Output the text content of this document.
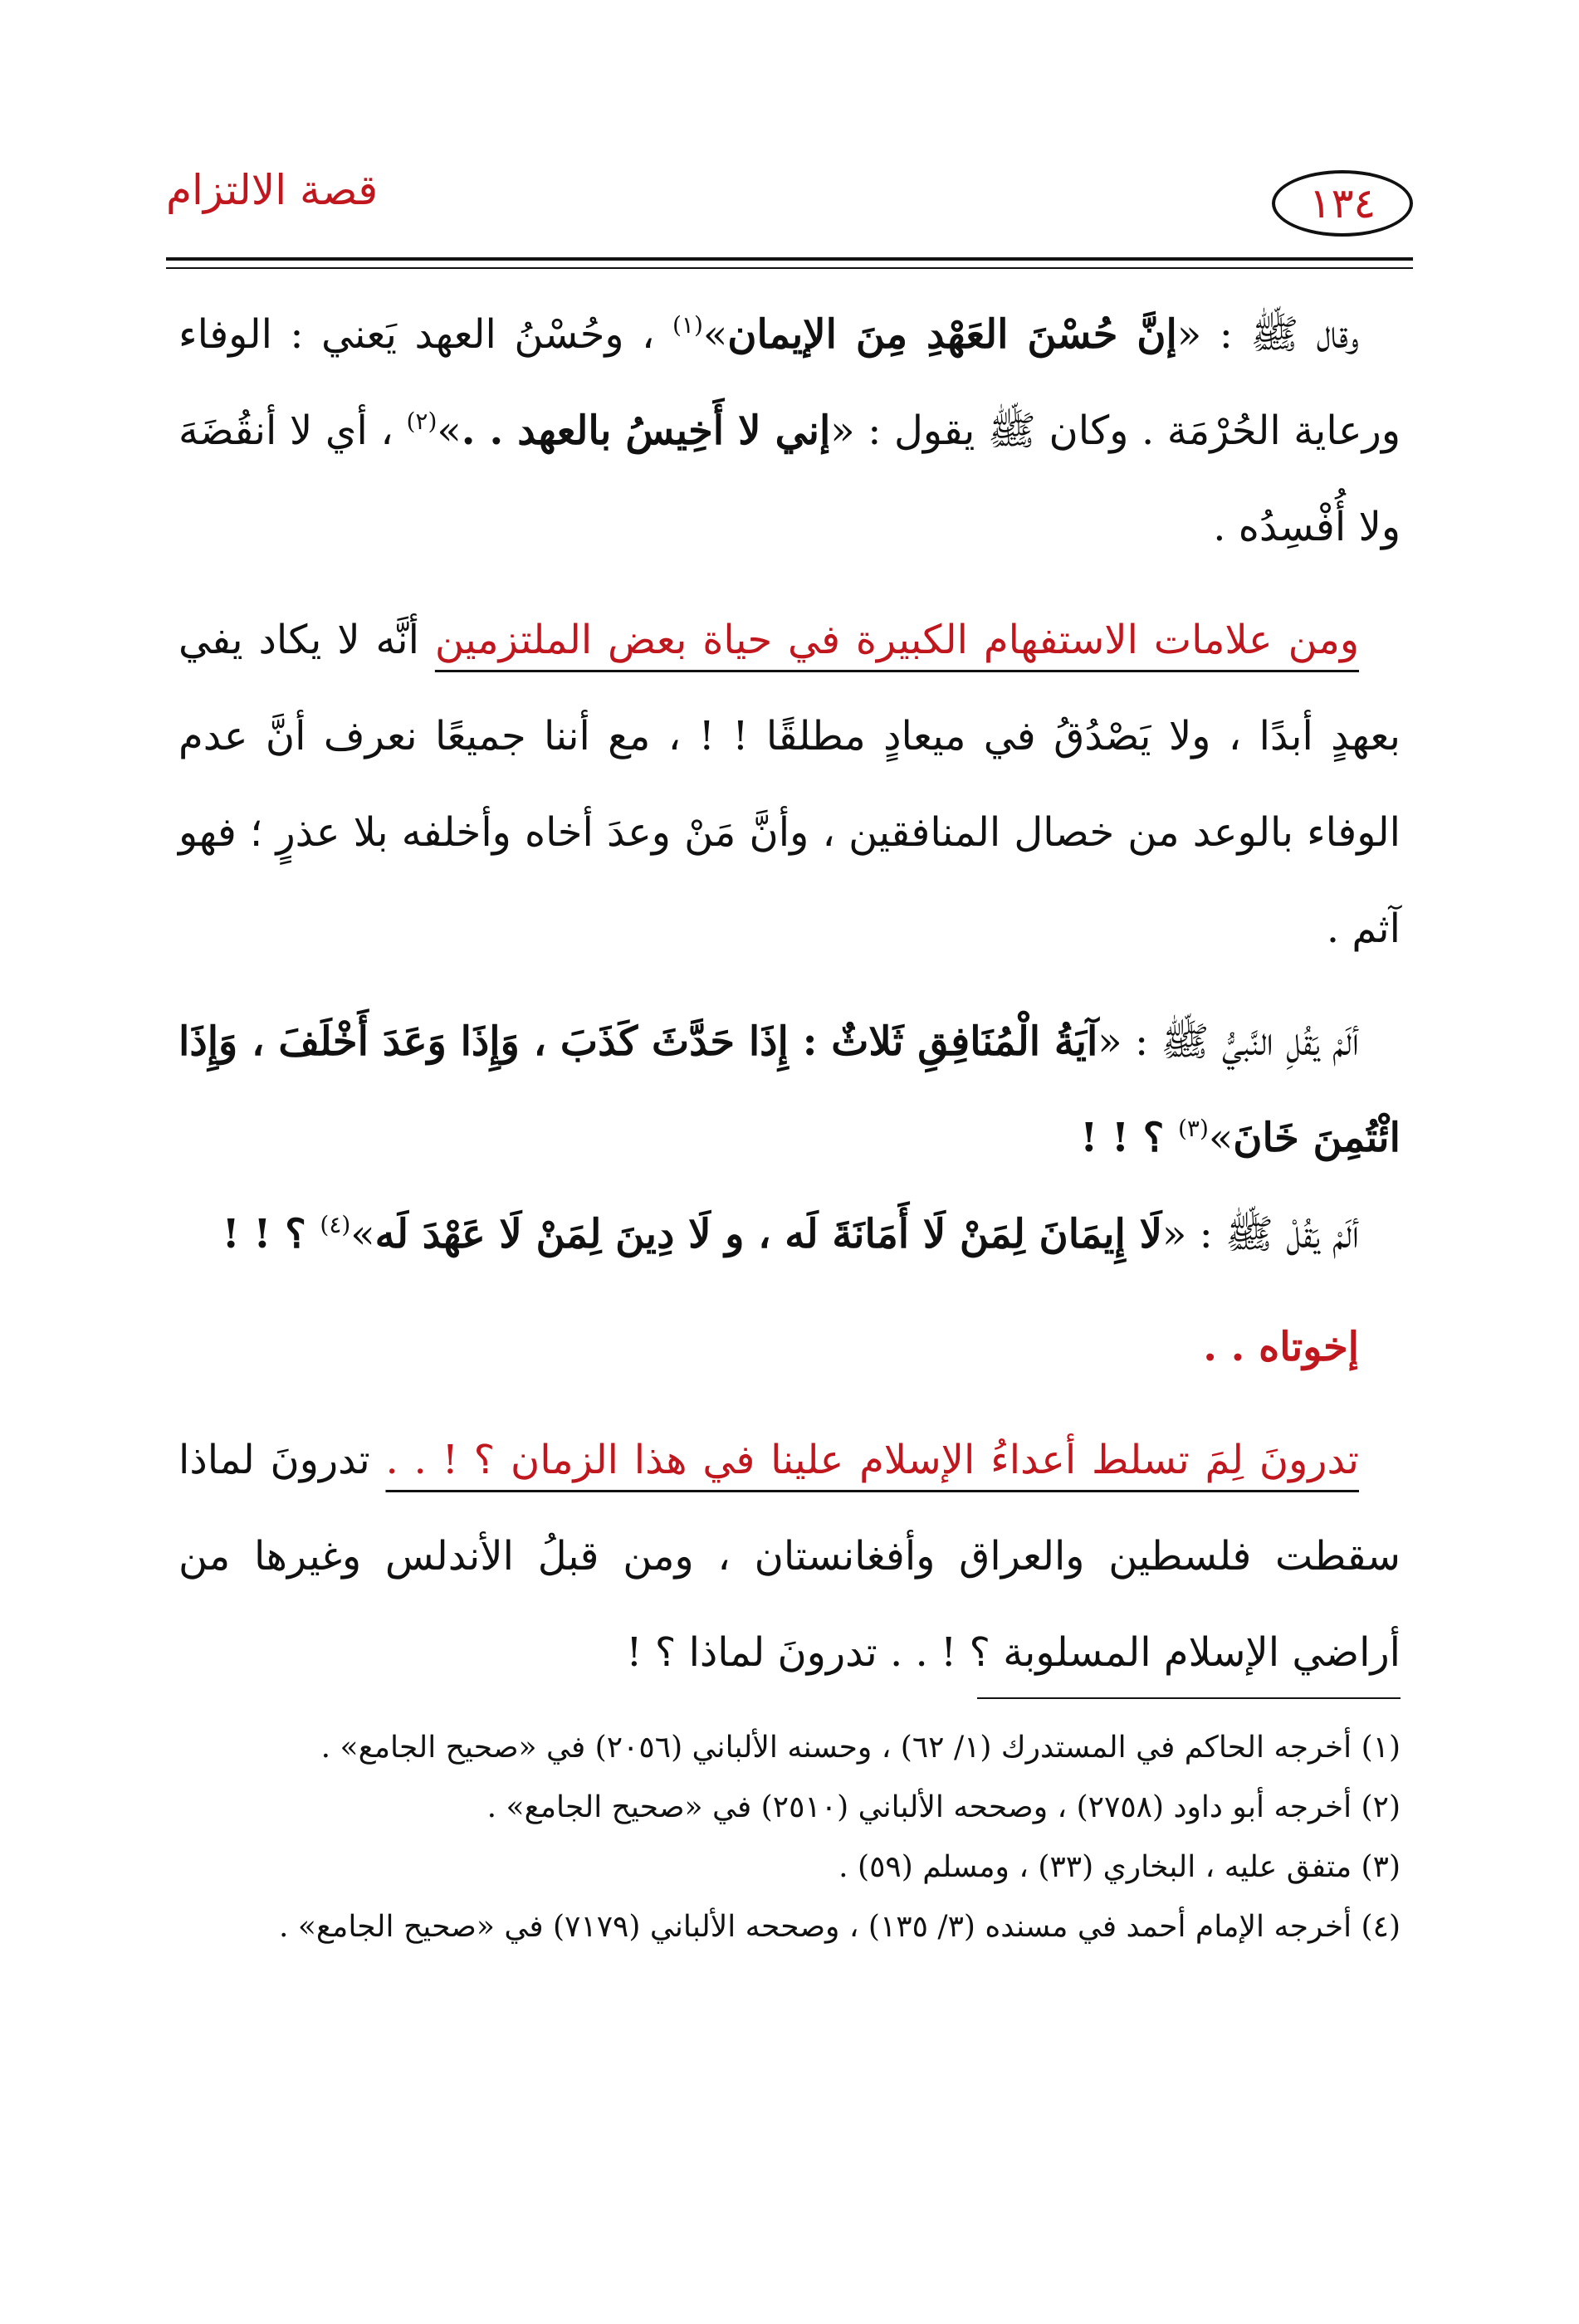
١٣٤
قصة الالتزام

وقال ﷺ : «إنَّ حُسْنَ العَهْدِ مِنَ الإيمان»$^{(١)}$ ، وحُسْنُ العهد يَعني : الوفاء ورعاية الحُرْمَة . وكان ﷺ يقول : «إني لا أَخِيسُ بالعهد . .»$^{(٢)}$ ، أي لا أنقُضَهَ ولا أُفْسِدُه .

ومن علامات الاستفهام الكبيرة في حياة بعض الملتزمين أنَّه لا يكاد يفي بعهدٍ أبدًا ، ولا يَصْدُقُ في ميعادٍ مطلقًا ! ! ، مع أننا جميعًا نعرف أنَّ عدم الوفاء بالوعد من خصال المنافقين ، وأنَّ مَنْ وعدَ أخاه وأخلفه بلا عذرٍ ؛ فهو آثم .

ألَمْ يَقُلِ النَّبيُّ ﷺ : «آيَةُ الْمُنَافِقِ ثَلاثٌ : إِذَا حَدَّثَ كَذَبَ ، وَإِذَا وَعَدَ أَخْلَفَ ، وَإِذَا ائْتُمِنَ خَانَ»$^{(٣)}$ ؟ ! !

ألَمْ يَقُلْ ﷺ : «لَا إِيمَانَ لِمَنْ لَا أَمَانَةَ لَه ، و لَا دِينَ لِمَنْ لَا عَهْدَ لَه»$^{(٤)}$ ؟ ! !

إخوتاه . .

تدرونَ لِمَ تسلط أعداءُ الإسلام علينا في هذا الزمان ؟ ! . . تدرونَ لماذا سقطت فلسطين والعراق وأفغانستان ، ومن قبلُ الأندلس وغيرها من أراضي الإسلام المسلوبة ؟ ! . . تدرونَ لماذا ؟ !

(١) أخرجه الحاكم في المستدرك (١/ ٦٢) ، وحسنه الألباني (٢٠٥٦) في «صحيح الجامع» .

(٢) أخرجه أبو داود (٢٧٥٨) ، وصححه الألباني (٢٥١٠) في «صحيح الجامع» .

(٣) متفق عليه ، البخاري (٣٣) ، ومسلم (٥٩) .

(٤) أخرجه الإمام أحمد في مسنده (٣/ ١٣٥) ، وصححه الألباني (٧١٧٩) في «صحيح الجامع» .
